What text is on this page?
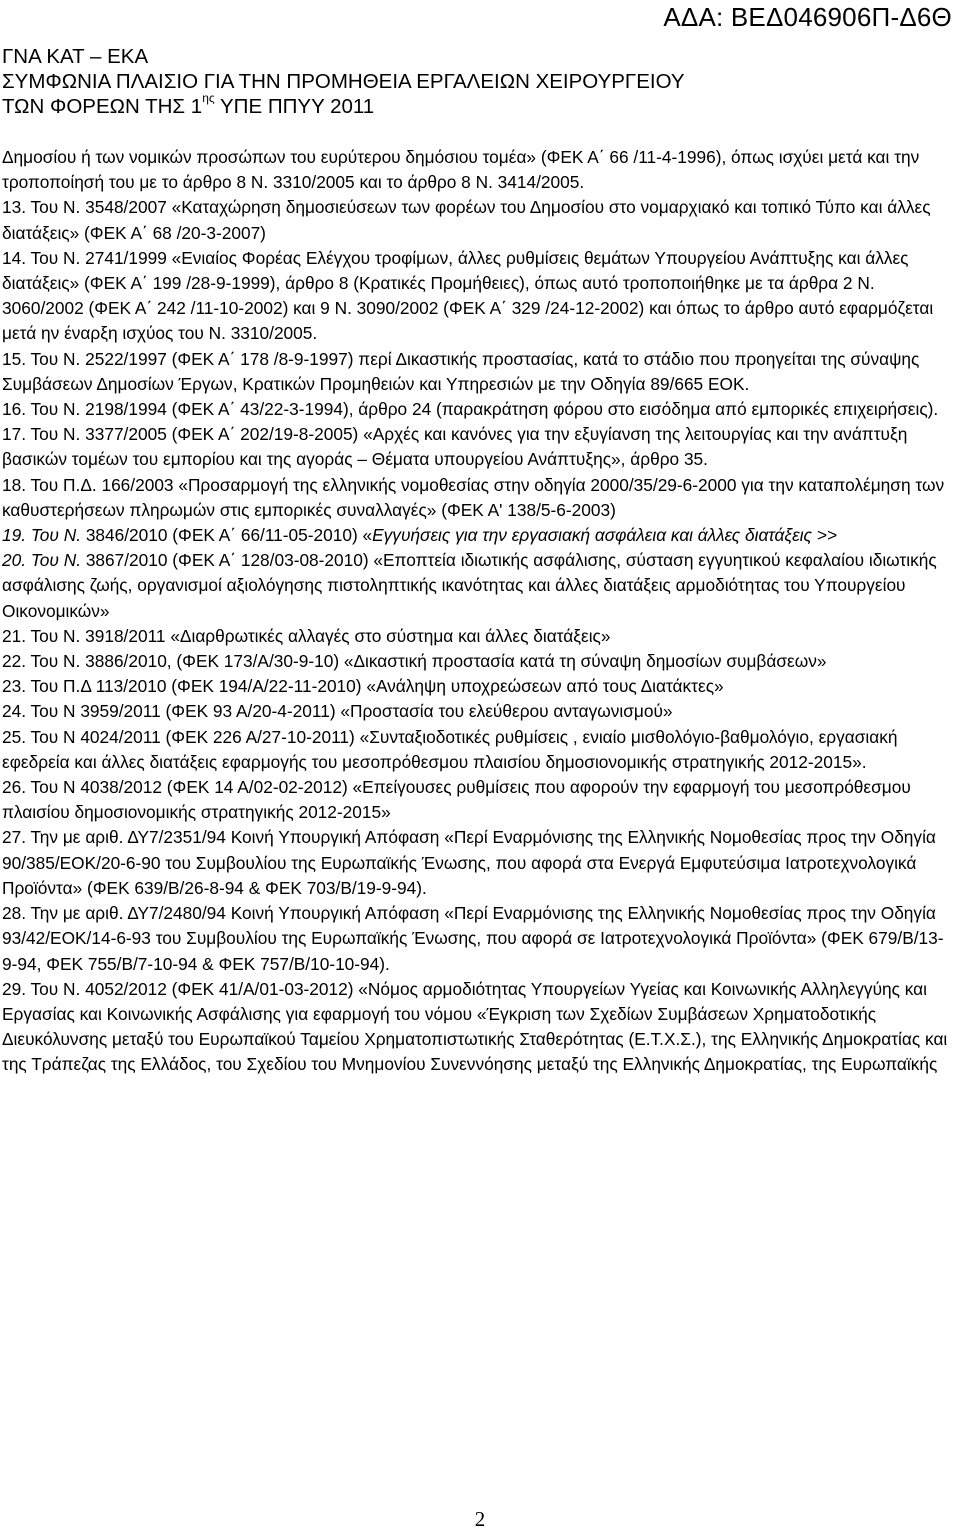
ΑΔΑ: ΒΕΔ046906Π-Δ6Θ
ΓΝΑ ΚΑΤ – ΕΚΑ
ΣΥΜΦΩΝΙΑ ΠΛΑΙΣΙΟ ΓΙΑ ΤΗΝ ΠΡΟΜΗΘΕΙΑ ΕΡΓΑΛΕΙΩΝ ΧΕΙΡΟΥΡΓΕΙΟΥ
ΤΩΝ ΦΟΡΕΩΝ ΤΗΣ $1^{\eta\varsigma}$ ΥΠΕ ΠΠΥΥ 2011

Δημοσίου ή των νομικών προσώπων του ευρύτερου δημόσιου τομέα» (ΦΕΚ Α΄ 66 /11-4-1996), όπως ισχύει μετά και την τροποποίησή του με το άρθρο 8 Ν. 3310/2005 και το άρθρο 8 Ν. 3414/2005.

13. Του Ν. 3548/2007 «Καταχώρηση δημοσιεύσεων των φορέων του Δημοσίου στο νομαρχιακό και τοπικό Τύπο και άλλες διατάξεις» (ΦΕΚ Α΄ 68 /20-3-2007)

14. Του Ν. 2741/1999 «Ενιαίος Φορέας Ελέγχου τροφίμων, άλλες ρυθμίσεις θεμάτων Υπουργείου Ανάπτυξης και άλλες διατάξεις» (ΦΕΚ Α΄ 199 /28-9-1999), άρθρο 8 (Κρατικές Προμήθειες), όπως αυτό τροποποιήθηκε με τα άρθρα 2 Ν. 3060/2002 (ΦΕΚ Α΄ 242 /11-10-2002) και 9 Ν. 3090/2002 (ΦΕΚ Α΄ 329 /24-12-2002) και όπως το άρθρο αυτό εφαρμόζεται μετά ην έναρξη ισχύος του Ν. 3310/2005.

15. Του Ν. 2522/1997 (ΦΕΚ Α΄ 178 /8-9-1997) περί Δικαστικής προστασίας, κατά το στάδιο που προηγείται της σύναψης Συμβάσεων Δημοσίων Έργων, Κρατικών Προμηθειών και Υπηρεσιών με την Οδηγία 89/665 ΕΟΚ.

16. Του Ν. 2198/1994 (ΦΕΚ Α΄ 43/22-3-1994), άρθρο 24 (παρακράτηση φόρου στο εισόδημα από εμπορικές επιχειρήσεις).

17. Του Ν. 3377/2005 (ΦΕΚ Α΄ 202/19-8-2005) «Αρχές και κανόνες για την εξυγίανση της λειτουργίας και την ανάπτυξη βασικών τομέων του εμπορίου και της αγοράς – Θέματα υπουργείου Ανάπτυξης», άρθρο 35.

18. Του Π.Δ. 166/2003 «Προσαρμογή της ελληνικής νομοθεσίας στην οδηγία 2000/35/29-6-2000 για την καταπολέμηση των καθυστερήσεων πληρωμών στις εμπορικές συναλλαγές» (ΦΕΚ Α' 138/5-6-2003)

19. Του Ν. 3846/2010 (ΦΕΚ Α΄ 66/11-05-2010) «Εγγυήσεις για την εργασιακή ασφάλεια και άλλες διατάξεις >>

20. Του Ν. 3867/2010 (ΦΕΚ Α΄ 128/03-08-2010) «Εποπτεία ιδιωτικής ασφάλισης, σύσταση εγγυητικού κεφαλαίου ιδιωτικής ασφάλισης ζωής, οργανισμοί αξιολόγησης πιστοληπτικής ικανότητας και άλλες διατάξεις αρμοδιότητας του Υπουργείου Οικονομικών»

21. Του Ν. 3918/2011 «Διαρθρωτικές αλλαγές στο σύστημα και άλλες διατάξεις»

22. Του Ν. 3886/2010, (ΦΕΚ 173/Α/30-9-10) «Δικαστική προστασία κατά τη σύναψη δημοσίων συμβάσεων»

23. Του Π.Δ 113/2010 (ΦΕΚ 194/Α/22-11-2010) «Ανάληψη υποχρεώσεων από τους Διατάκτες»

24. Του Ν 3959/2011 (ΦΕΚ 93 Α/20-4-2011) «Προστασία του ελεύθερου ανταγωνισμού»

25. Του Ν 4024/2011 (ΦΕΚ 226 Α/27-10-2011) «Συνταξιοδοτικές ρυθμίσεις , ενιαίο μισθολόγιο-βαθμολόγιο, εργασιακή εφεδρεία και άλλες διατάξεις εφαρμογής του μεσοπρόθεσμου πλαισίου δημοσιονομικής στρατηγικής 2012-2015».

26. Του Ν 4038/2012 (ΦΕΚ 14 Α/02-02-2012) «Επείγουσες ρυθμίσεις που αφορούν την εφαρμογή του μεσοπρόθεσμου πλαισίου δημοσιονομικής στρατηγικής 2012-2015»

27. Την με αριθ. ΔΥ7/2351/94 Κοινή Υπουργική Απόφαση «Περί Εναρμόνισης της Ελληνικής Νομοθεσίας προς την Οδηγία 90/385/ΕΟΚ/20-6-90 του Συμβουλίου της Ευρωπαϊκής Ένωσης, που αφορά στα Ενεργά Εμφυτεύσιμα Ιατροτεχνολογικά Προϊόντα» (ΦΕΚ 639/Β/26-8-94 & ΦΕΚ 703/Β/19-9-94).

28. Την με αριθ. ΔΥ7/2480/94 Κοινή Υπουργική Απόφαση «Περί Εναρμόνισης της Ελληνικής Νομοθεσίας προς την Οδηγία 93/42/ΕΟΚ/14-6-93 του Συμβουλίου της Ευρωπαϊκής Ένωσης, που αφορά σε Ιατροτεχνολογικά Προϊόντα» (ΦΕΚ 679/Β/13-9-94, ΦΕΚ 755/Β/7-10-94 & ΦΕΚ 757/Β/10-10-94).

29. Του Ν. 4052/2012 (ΦΕΚ 41/Α/01-03-2012) «Νόμος αρμοδιότητας Υπουργείων Υγείας και Κοινωνικής Αλληλεγγύης και Εργασίας και Κοινωνικής Ασφάλισης για εφαρμογή του νόμου «Έγκριση των Σχεδίων Συμβάσεων Χρηματοδοτικής Διευκόλυνσης μεταξύ του Ευρωπαϊκού Ταμείου Χρηματοπιστωτικής Σταθερότητας (Ε.Τ.Χ.Σ.), της Ελληνικής Δημοκρατίας και της Τράπεζας της Ελλάδος, του Σχεδίου του Μνημονίου Συνεννόησης μεταξύ της Ελληνικής Δημοκρατίας, της Ευρωπαϊκής

2
